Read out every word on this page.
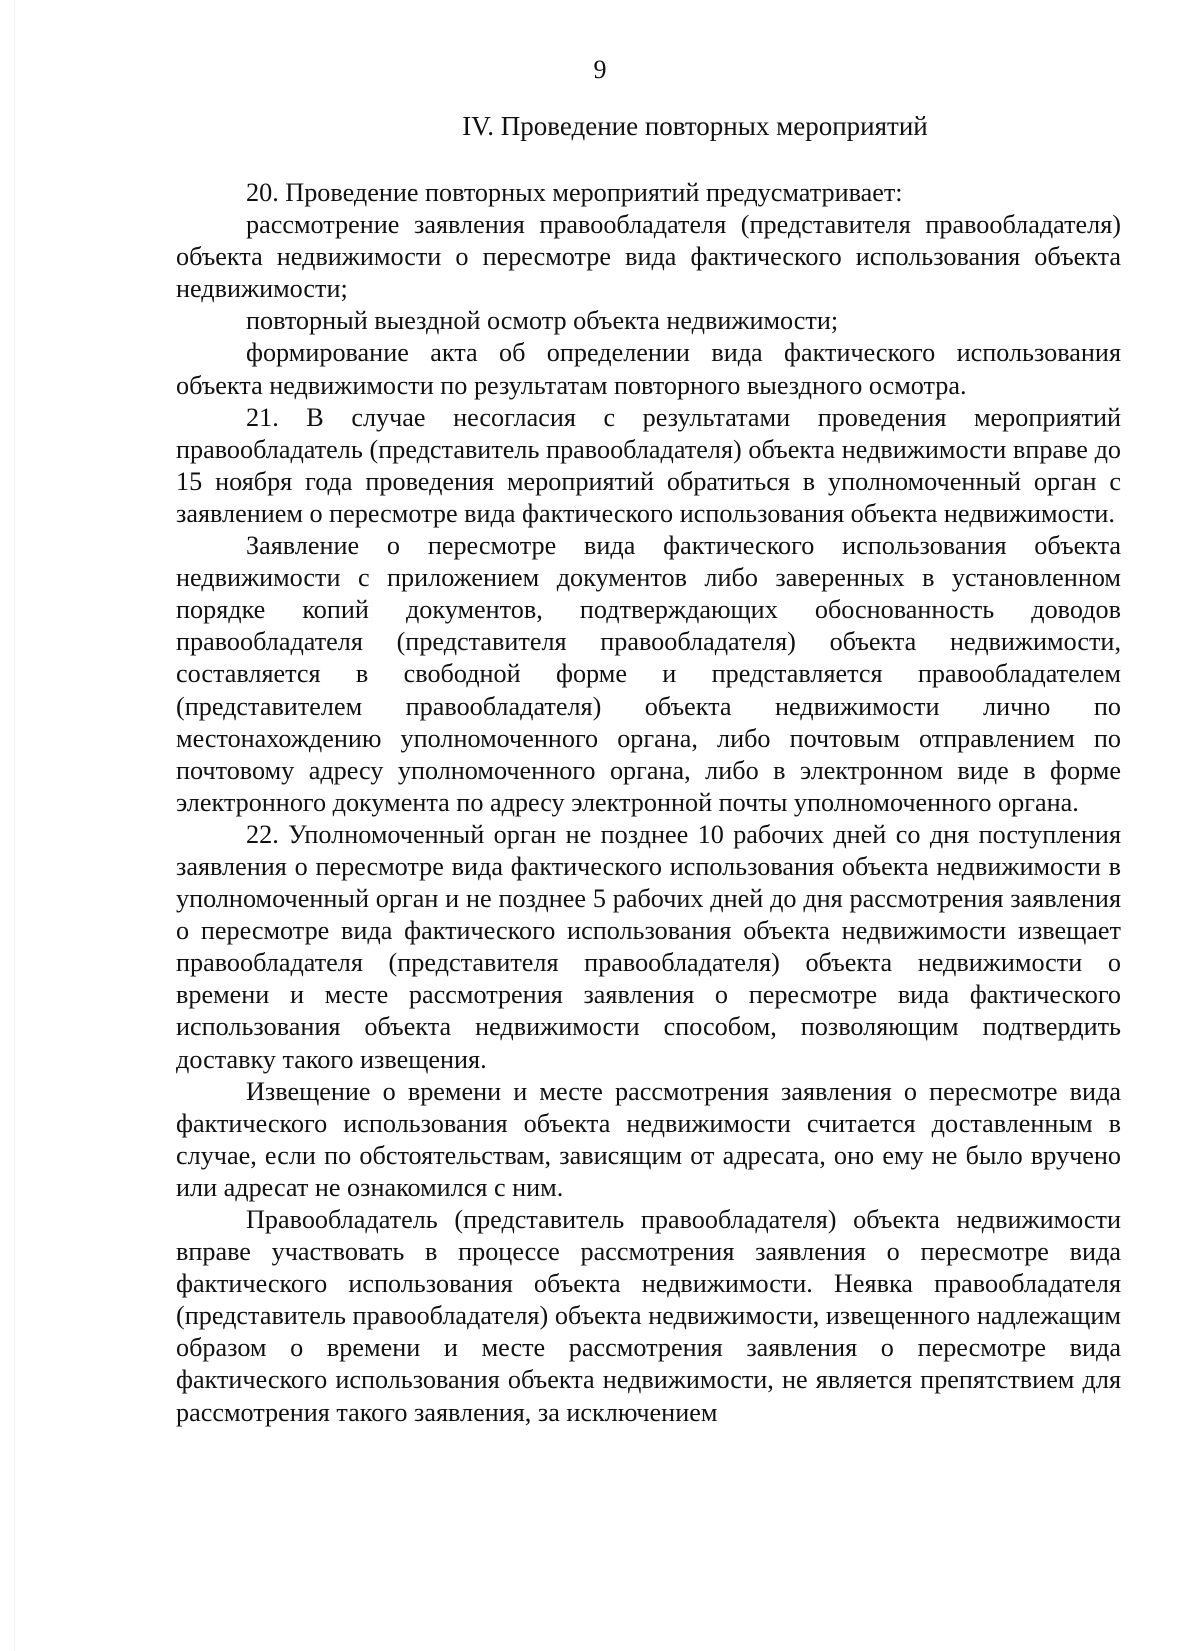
9
IV. Проведение повторных мероприятий

20. Проведение повторных мероприятий предусматривает:

рассмотрение заявления правообладателя (представителя правообладателя) объекта недвижимости о пересмотре вида фактического использования объекта недвижимости;

повторный выездной осмотр объекта недвижимости;

формирование акта об определении вида фактического использования объекта недвижимости по результатам повторного выездного осмотра.

21. В случае несогласия с результатами проведения мероприятий правообладатель (представитель правообладателя) объекта недвижимости вправе до 15 ноября года проведения мероприятий обратиться в уполномоченный орган с заявлением о пересмотре вида фактического использования объекта недвижимости.

Заявление о пересмотре вида фактического использования объекта недвижимости с приложением документов либо заверенных в установленном порядке копий документов, подтверждающих обоснованность доводов правообладателя (представителя правообладателя) объекта недвижимости, составляется в свободной форме и представляется правообладателем (представителем правообладателя) объекта недвижимости лично по местонахождению уполномоченного органа, либо почтовым отправлением по почтовому адресу уполномоченного органа, либо в электронном виде в форме электронного документа по адресу электронной почты уполномоченного органа.

22. Уполномоченный орган не позднее 10 рабочих дней со дня поступления заявления о пересмотре вида фактического использования объекта недвижимости в уполномоченный орган и не позднее 5 рабочих дней до дня рассмотрения заявления о пересмотре вида фактического использования объекта недвижимости извещает правообладателя (представителя правообладателя) объекта недвижимости о времени и месте рассмотрения заявления о пересмотре вида фактического использования объекта недвижимости способом, позволяющим подтвердить доставку такого извещения.

Извещение о времени и месте рассмотрения заявления о пересмотре вида фактического использования объекта недвижимости считается доставленным в случае, если по обстоятельствам, зависящим от адресата, оно ему не было вручено или адресат не ознакомился с ним.

Правообладатель (представитель правообладателя) объекта недвижимости вправе участвовать в процессе рассмотрения заявления о пересмотре вида фактического использования объекта недвижимости. Неявка правообладателя (представитель правообладателя) объекта недвижимости, извещенного надлежащим образом о времени и месте рассмотрения заявления о пересмотре вида фактического использования объекта недвижимости, не является препятствием для рассмотрения такого заявления, за исключением
